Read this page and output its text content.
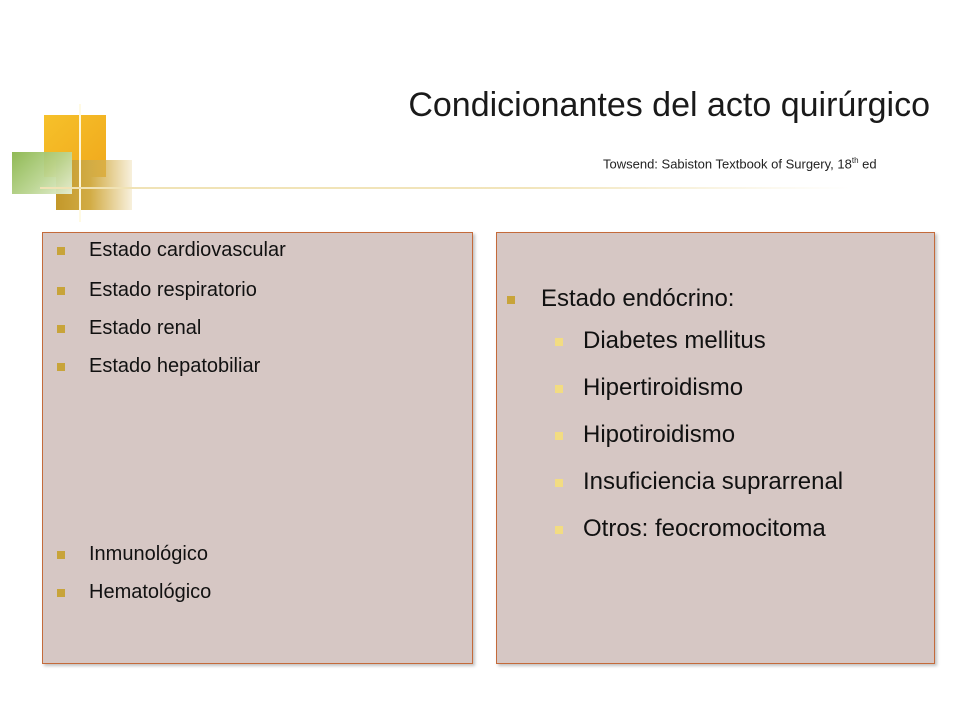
Condicionantes del acto quirúrgico

Towsend: Sabiston Textbook of Surgery, 18th ed

Estado cardiovascular
Estado respiratorio
Estado renal
Estado hepatobiliar
Inmunológico
Hematológico
Estado endócrino:
Diabetes mellitus
Hipertiroidismo
Hipotiroidismo
Insuficiencia suprarrenal
Otros: feocromocitoma
